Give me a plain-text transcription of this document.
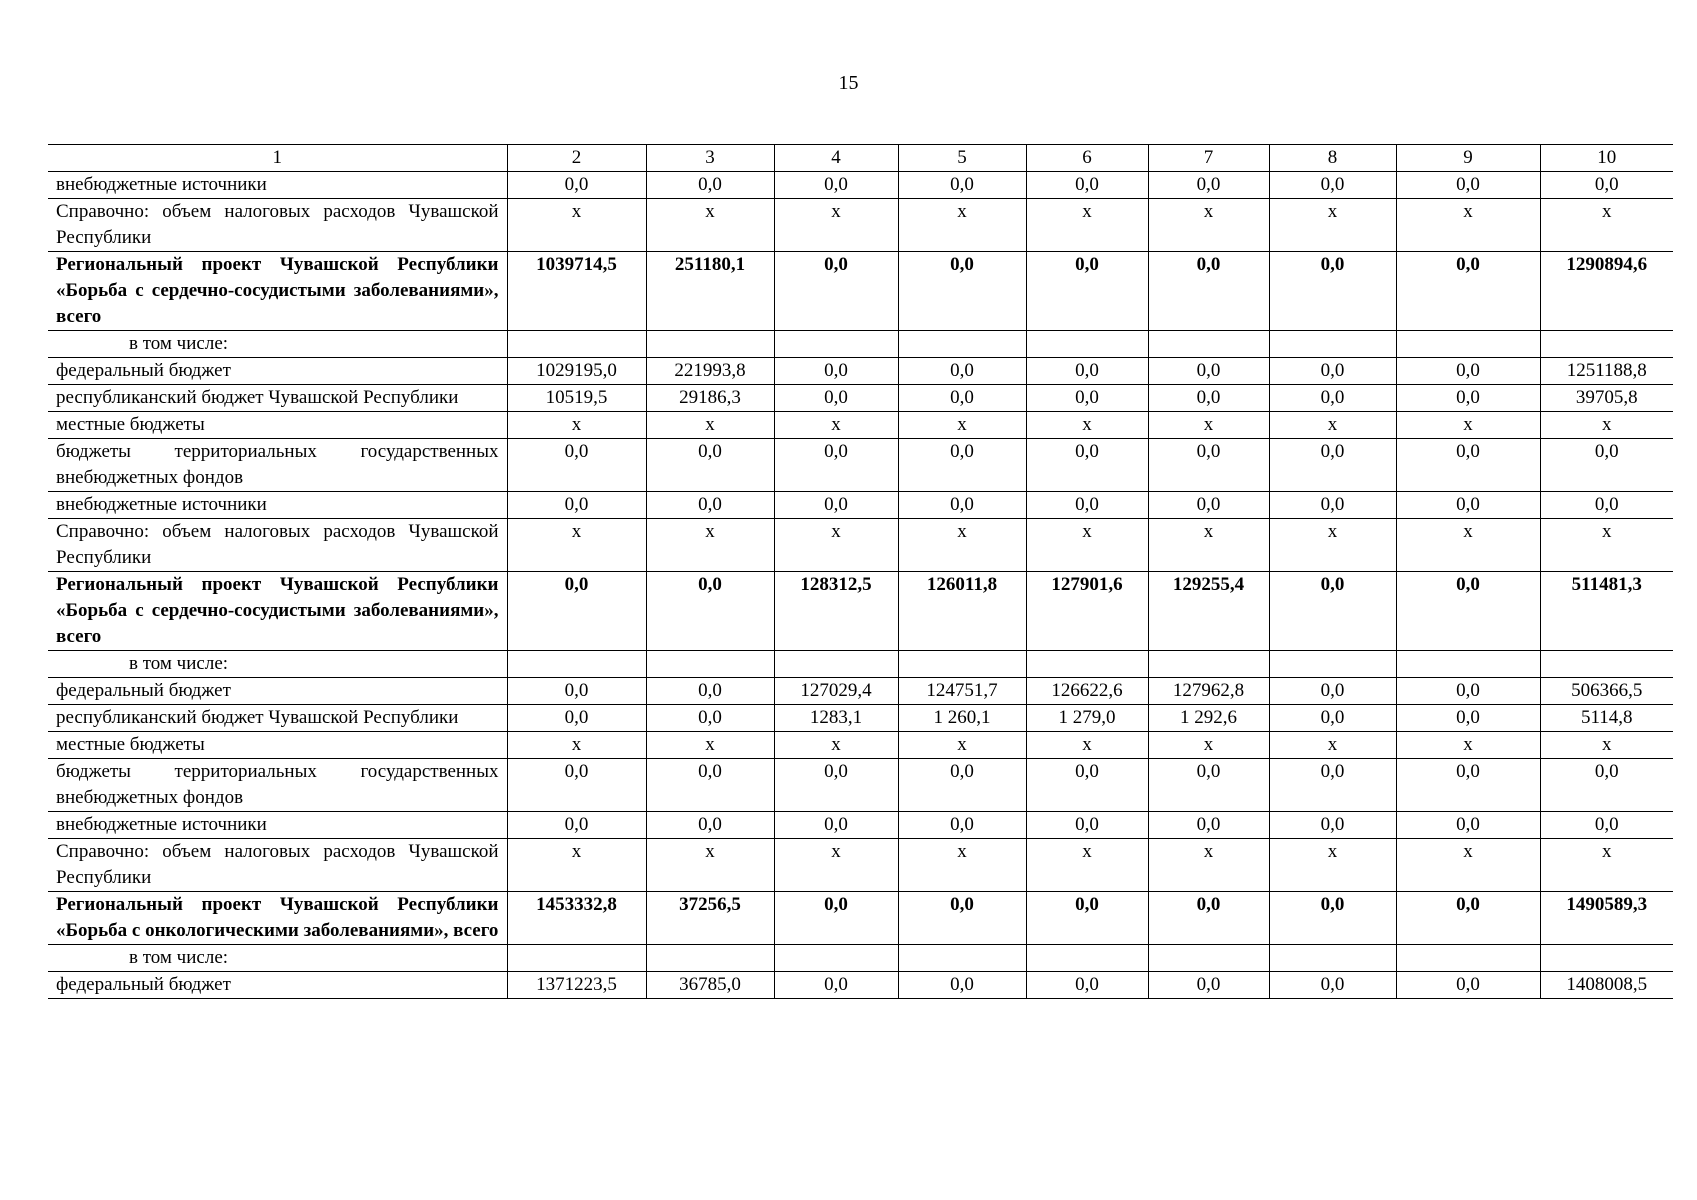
15
1	2	3	4	5	6	7	8	9	10
внебюджетные источники	0,0	0,0	0,0	0,0	0,0	0,0	0,0	0,0	0,0
Справочно: объем налоговых расходов Чувашской Республики	x	x	x	x	x	x	x	x	x
Региональный проект Чувашской Республики «Борьба с сердечно-сосудистыми заболеваниями», всего	1039714,5	251180,1	0,0	0,0	0,0	0,0	0,0	0,0	1290894,6
в том числе:									
федеральный бюджет	1029195,0	221993,8	0,0	0,0	0,0	0,0	0,0	0,0	1251188,8
республиканский бюджет Чувашской Республики	10519,5	29186,3	0,0	0,0	0,0	0,0	0,0	0,0	39705,8
местные бюджеты	x	x	x	x	x	x	x	x	x
бюджеты территориальных государственных внебюджетных фондов	0,0	0,0	0,0	0,0	0,0	0,0	0,0	0,0	0,0
внебюджетные источники	0,0	0,0	0,0	0,0	0,0	0,0	0,0	0,0	0,0
Справочно: объем налоговых расходов Чувашской Республики	x	x	x	x	x	x	x	x	x
Региональный проект Чувашской Республики «Борьба с сердечно-сосудистыми заболеваниями», всего	0,0	0,0	128312,5	126011,8	127901,6	129255,4	0,0	0,0	511481,3
в том числе:									
федеральный бюджет	0,0	0,0	127029,4	124751,7	126622,6	127962,8	0,0	0,0	506366,5
республиканский бюджет Чувашской Республики	0,0	0,0	1283,1	1 260,1	1 279,0	1 292,6	0,0	0,0	5114,8
местные бюджеты	x	x	x	x	x	x	x	x	x
бюджеты территориальных государственных внебюджетных фондов	0,0	0,0	0,0	0,0	0,0	0,0	0,0	0,0	0,0
внебюджетные источники	0,0	0,0	0,0	0,0	0,0	0,0	0,0	0,0	0,0
Справочно: объем налоговых расходов Чувашской Республики	x	x	x	x	x	x	x	x	x
Региональный проект Чувашской Республики «Борьба с онкологическими заболеваниями», всего	1453332,8	37256,5	0,0	0,0	0,0	0,0	0,0	0,0	1490589,3
в том числе:									
федеральный бюджет	1371223,5	36785,0	0,0	0,0	0,0	0,0	0,0	0,0	1408008,5
